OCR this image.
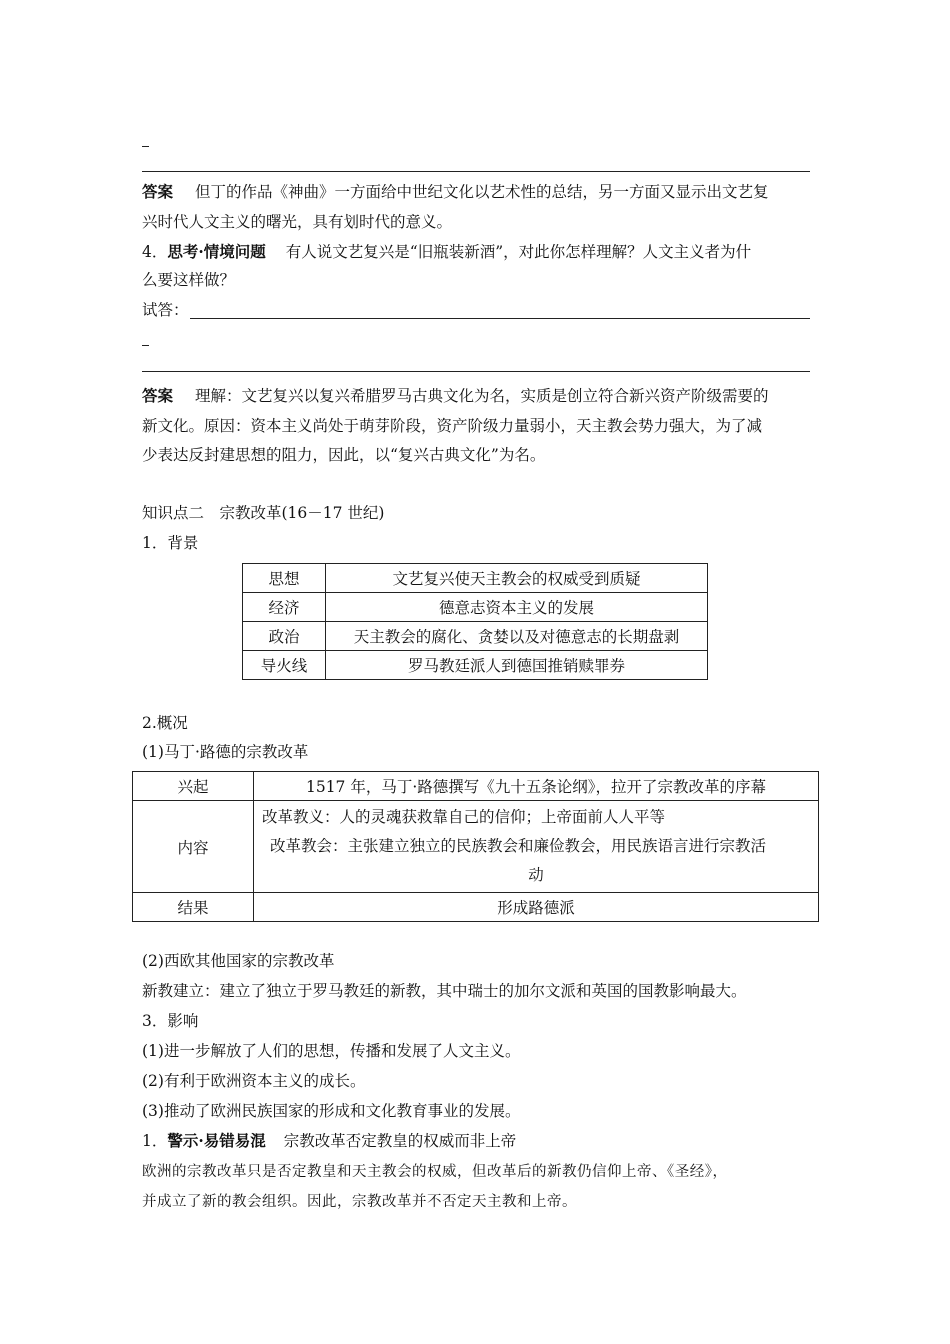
答案 但丁的作品《神曲》一方面给中世纪文化以艺术性的总结，另一方面又显示出文艺复
兴时代人文主义的曙光，具有划时代的意义。
4．思考·情境问题 有人说文艺复兴是“旧瓶装新酒”，对此你怎样理解？人文主义者为什
么要这样做？
试答：
答案 理解：文艺复兴以复兴希腊罗马古典文化为名，实质是创立符合新兴资产阶级需要的
新文化。原因：资本主义尚处于萌芽阶段，资产阶级力量弱小，天主教会势力强大，为了减
少表达反封建思想的阻力，因此，以“复兴古典文化”为名。
知识点二　宗教改革(16－17 世纪)
1．背景
思想	文艺复兴使天主教会的权威受到质疑
经济	德意志资本主义的发展
政治	天主教会的腐化、贪婪以及对德意志的长期盘剥
导火线	罗马教廷派人到德国推销赎罪券
2.概况
(1)马丁·路德的宗教改革
兴起	1517 年，马丁·路德撰写《九十五条论纲》，拉开了宗教改革的序幕
内容	改革教义：人的灵魂获救靠自己的信仰；上帝面前人人平等
改革教会：主张建立独立的民族教会和廉俭教会，用民族语言进行宗教活
动

结果	形成路德派
(2)西欧其他国家的宗教改革
新教建立：建立了独立于罗马教廷的新教，其中瑞士的加尔文派和英国的国教影响最大。
3．影响
(1)进一步解放了人们的思想，传播和发展了人文主义。
(2)有利于欧洲资本主义的成长。
(3)推动了欧洲民族国家的形成和文化教育事业的发展。
1．警示·易错易混 宗教改革否定教皇的权威而非上帝
欧洲的宗教改革只是否定教皇和天主教会的权威，但改革后的新教仍信仰上帝、《圣经》，
并成立了新的教会组织。因此，宗教改革并不否定天主教和上帝。
